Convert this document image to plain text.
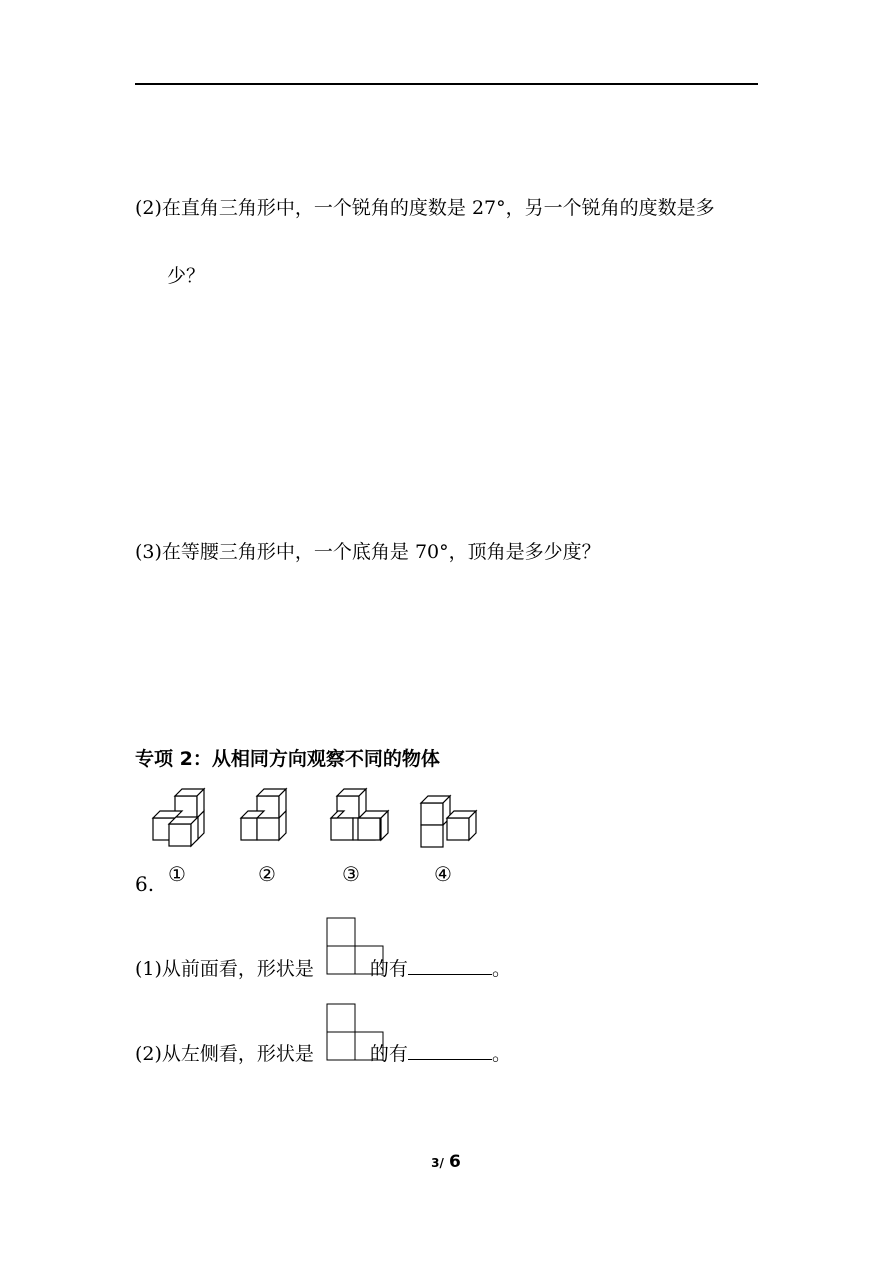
(2)在直角三角形中，一个锐角的度数是 27°，另一个锐角的度数是多
少？
(3)在等腰三角形中，一个底角是 70°，顶角是多少度？
专项 2：从相同方向观察不同的物体
6. ①	②	③	④
(1)从前面看，形状是	的有	。
(2)从左侧看，形状是	的有	。
3/ 6
